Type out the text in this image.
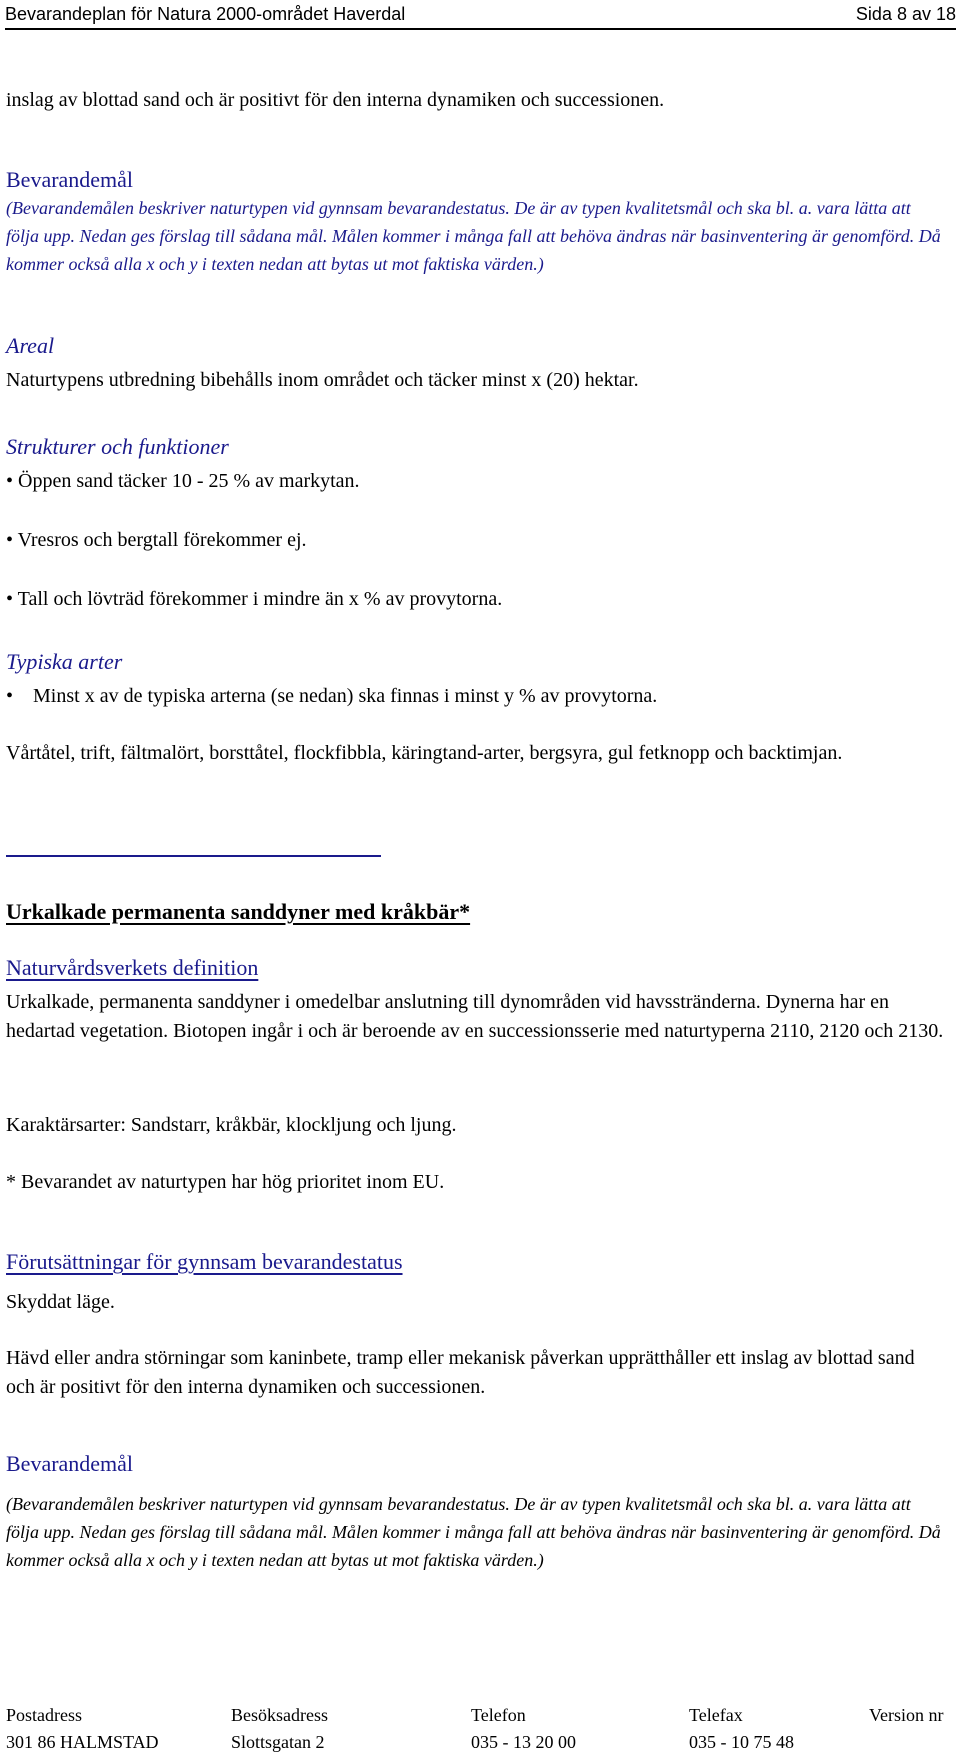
Bevarandeplan för Natura 2000-området Haverdal	Sida 8 av 18
inslag av blottad sand och är positivt för den interna dynamiken och successionen.
Bevarandemål
(Bevarandemålen beskriver naturtypen vid gynnsam bevarandestatus. De är av typen kvalitetsmål och ska bl. a. vara lätta att följa upp. Nedan ges förslag till sådana mål. Målen kommer i många fall att behöva ändras när basinventering är genomförd. Då kommer också alla x och y i texten nedan att bytas ut mot faktiska värden.)
Areal
Naturtypens utbredning bibehålls inom området och täcker minst x (20) hektar.
Strukturer och funktioner
• Öppen sand täcker 10 - 25 % av markytan.
• Vresros och bergtall förekommer ej.
• Tall och lövträd förekommer i mindre än x % av provytorna.
Typiska arter
• Minst x av de typiska arterna (se nedan) ska finnas i minst y % av provytorna.
Vårtåtel, trift, fältmalört, borsttåtel, flockfibbla, käringtand-arter, bergsyra, gul fetknopp och backtimjan.
Urkalkade permanenta sanddyner med kråkbär*
Naturvårdsverkets definition
Urkalkade, permanenta sanddyner i omedelbar anslutning till dynområden vid havsstränderna. Dynerna har en hedartad vegetation. Biotopen ingår i och är beroende av en successionsserie med naturtyperna 2110, 2120 och 2130.
Karaktärsarter: Sandstarr, kråkbär, klockljung och ljung.
* Bevarandet av naturtypen har hög prioritet inom EU.
Förutsättningar för gynnsam bevarandestatus
Skyddat läge.
Hävd eller andra störningar som kaninbete, tramp eller mekanisk påverkan upprätthåller ett inslag av blottad sand och är positivt för den interna dynamiken och successionen.
Bevarandemål
(Bevarandemålen beskriver naturtypen vid gynnsam bevarandestatus. De är av typen kvalitetsmål och ska bl. a. vara lätta att följa upp. Nedan ges förslag till sådana mål. Målen kommer i många fall att behöva ändras när basinventering är genomförd. Då kommer också alla x och y i texten nedan att bytas ut mot faktiska värden.)
Postadress	Besöksadress	Telefon	Telefax	Version nr
301 86 HALMSTAD	Slottsgatan 2	035 - 13 20 00	035 - 10 75 48
